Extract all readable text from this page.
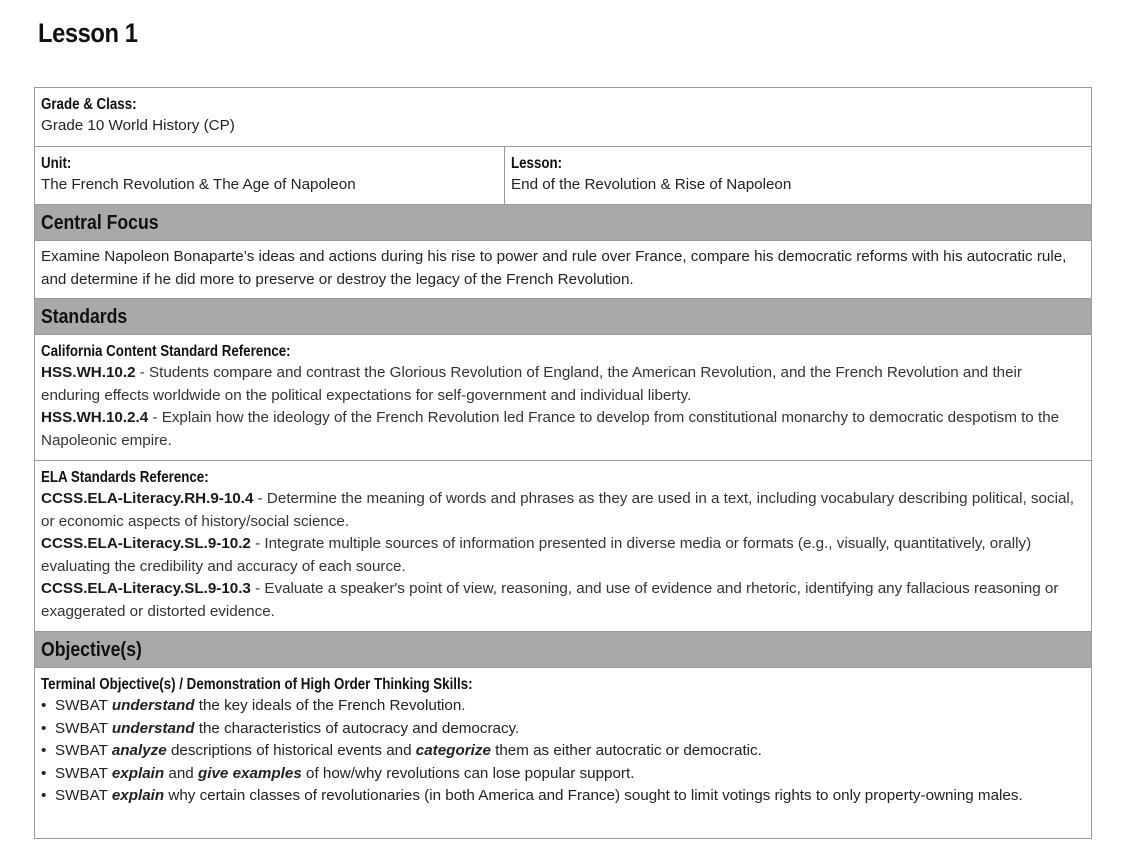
Lesson 1
Grade & Class:
Grade 10 World History (CP)
Unit:
The French Revolution & The Age of Napoleon
Lesson:
End of the Revolution & Rise of Napoleon
Central Focus
Examine Napoleon Bonaparte’s ideas and actions during his rise to power and rule over France, compare his democratic reforms with his autocratic rule, and determine if he did more to preserve or destroy the legacy of the French Revolution.
Standards
California Content Standard Reference:
HSS.WH.10.2 - Students compare and contrast the Glorious Revolution of England, the American Revolution, and the French Revolution and their enduring effects worldwide on the political expectations for self-government and individual liberty.
HSS.WH.10.2.4 - Explain how the ideology of the French Revolution led France to develop from constitutional monarchy to democratic despotism to the Napoleonic empire.
ELA Standards Reference:
CCSS.ELA-Literacy.RH.9-10.4 - Determine the meaning of words and phrases as they are used in a text, including vocabulary describing political, social, or economic aspects of history/social science.
CCSS.ELA-Literacy.SL.9-10.2 - Integrate multiple sources of information presented in diverse media or formats (e.g., visually, quantitatively, orally) evaluating the credibility and accuracy of each source.
CCSS.ELA-Literacy.SL.9-10.3 - Evaluate a speaker's point of view, reasoning, and use of evidence and rhetoric, identifying any fallacious reasoning or exaggerated or distorted evidence.
Objective(s)
Terminal Objective(s) / Demonstration of High Order Thinking Skills:
• SWBAT understand the key ideals of the French Revolution.
• SWBAT understand the characteristics of autocracy and democracy.
• SWBAT analyze descriptions of historical events and categorize them as either autocratic or democratic.
• SWBAT explain and give examples of how/why revolutions can lose popular support.
• SWBAT explain why certain classes of revolutionaries (in both America and France) sought to limit votings rights to only property-owning males.
